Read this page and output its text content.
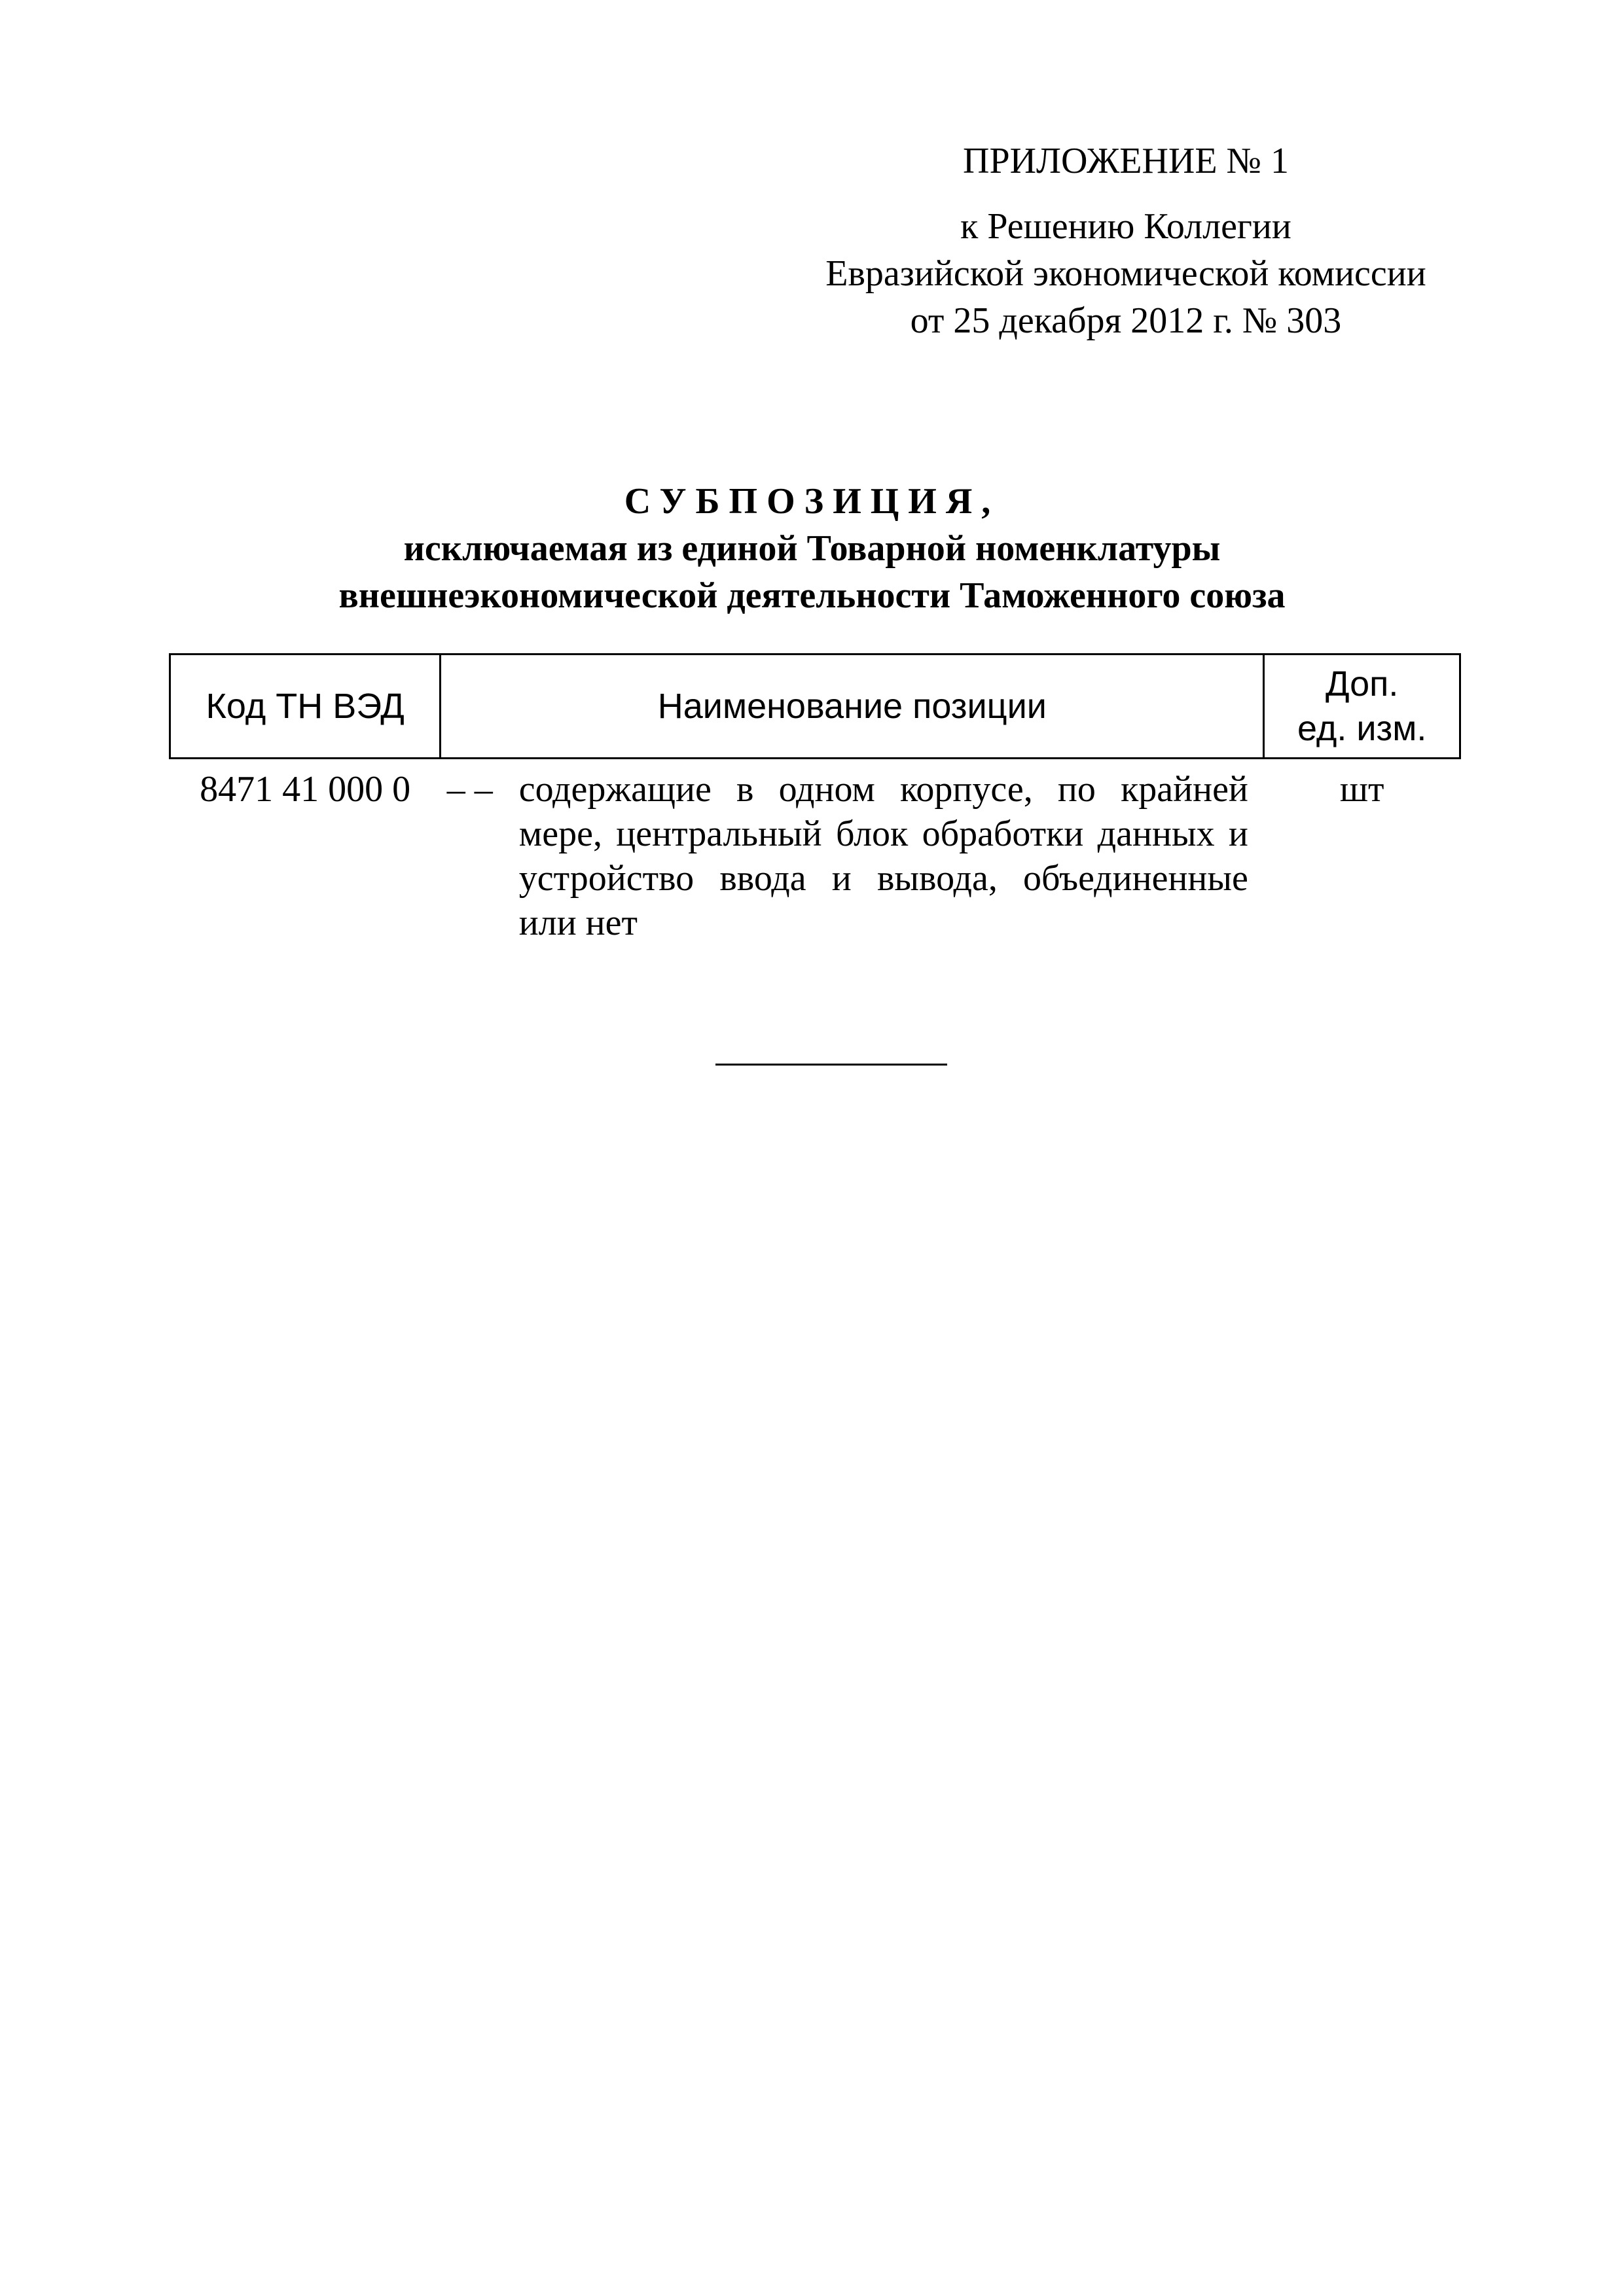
ПРИЛОЖЕНИЕ № 1

к Решению Коллегии

Евразийской экономической комиссии

от 25 декабря 2012 г. № 303

СУБПОЗИЦИЯ,

исключаемая из единой Товарной номенклатуры

внешнеэкономической деятельности Таможенного союза

Код ТН ВЭД	Наименование позиции	Доп.
ед. изм.

8471 41 000 0	– – содержащие в одном корпусе, по крайней мере, центральный блок обработки данных и устройство ввода и вывода, объединенные или нет	шт
